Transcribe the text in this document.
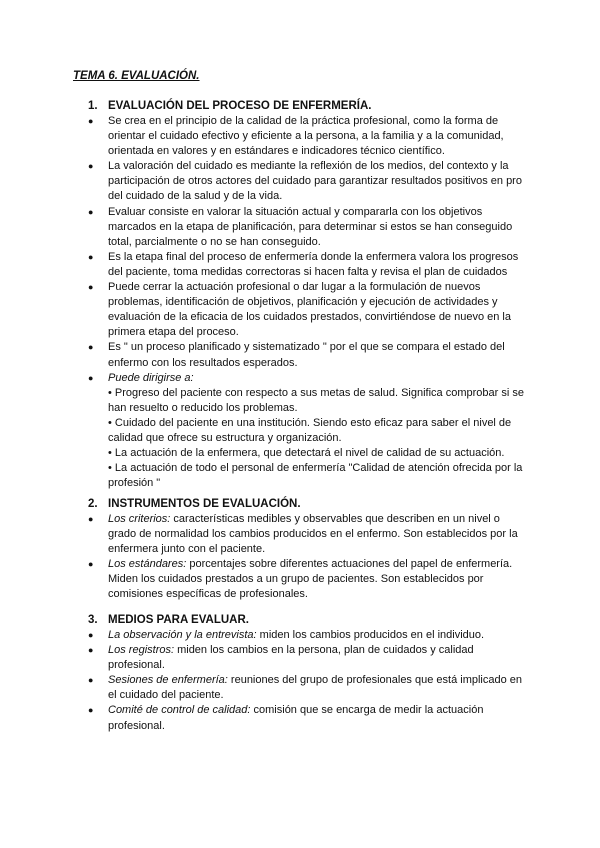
TEMA 6. EVALUACIÓN.
1. EVALUACIÓN DEL PROCESO DE ENFERMERÍA.
● Se crea en el principio de la calidad de la práctica profesional, como la forma de orientar el cuidado efectivo y eficiente a la persona, a la familia y a la comunidad, orientada en valores y en estándares e indicadores técnico científico.
● La valoración del cuidado es mediante la reflexión de los medios, del contexto y la participación de otros actores del cuidado para garantizar resultados positivos en pro del cuidado de la salud y de la vida.
● Evaluar consiste en valorar la situación actual y compararla con los objetivos marcados en la etapa de planificación, para determinar si estos se han conseguido total, parcialmente o no se han conseguido.
● Es la etapa final del proceso de enfermería donde la enfermera valora los progresos del paciente, toma medidas correctoras si hacen falta y revisa el plan de cuidados
● Puede cerrar la actuación profesional o dar lugar a la formulación de nuevos problemas, identificación de objetivos, planificación y ejecución de actividades y evaluación de la eficacia de los cuidados prestados, convirtiéndose de nuevo en la primera etapa del proceso.
● Es " un proceso planificado y sistematizado " por el que se compara el estado del enfermo con los resultados esperados.
● Puede dirigirse a:
• Progreso del paciente con respecto a sus metas de salud. Significa comprobar si se han resuelto o reducido los problemas.
• Cuidado del paciente en una institución. Siendo esto eficaz para saber el nivel de calidad que ofrece su estructura y organización.
• La actuación de la enfermera, que detectará el nivel de calidad de su actuación.
• La actuación de todo el personal de enfermería "Calidad de atención ofrecida por la profesión "
2. INSTRUMENTOS DE EVALUACIÓN.
● Los criterios: características medibles y observables que describen en un nivel o grado de normalidad los cambios producidos en el enfermo. Son establecidos por la enfermera junto con el paciente.
● Los estándares: porcentajes sobre diferentes actuaciones del papel de enfermería. Miden los cuidados prestados a un grupo de pacientes. Son establecidos por comisiones específicas de profesionales.
3. MEDIOS PARA EVALUAR.
● La observación y la entrevista: miden los cambios producidos en el individuo.
● Los registros: miden los cambios en la persona, plan de cuidados y calidad profesional.
● Sesiones de enfermería: reuniones del grupo de profesionales que está implicado en el cuidado del paciente.
● Comité de control de calidad: comisión que se encarga de medir la actuación profesional.
